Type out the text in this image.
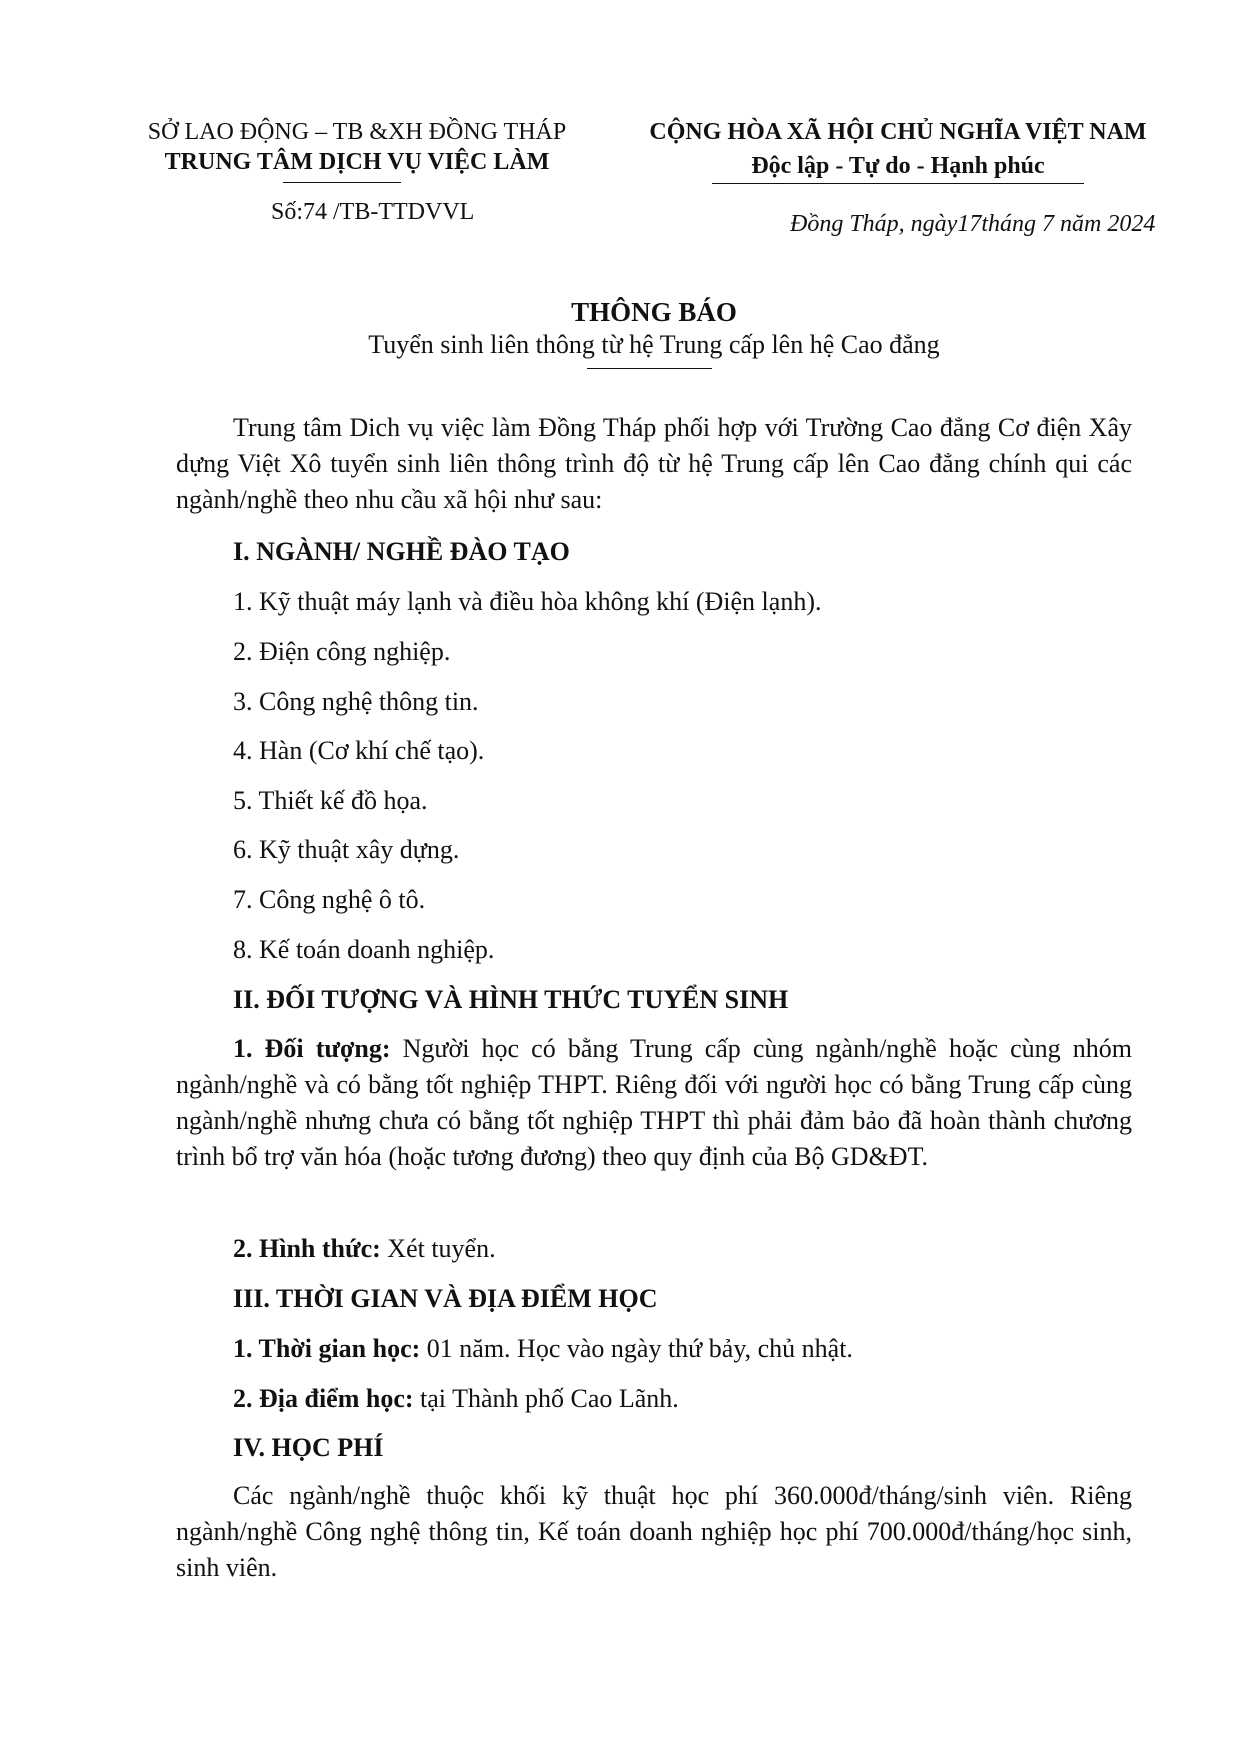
SỞ LAO ĐỘNG – TB &XH ĐỒNG THÁP
TRUNG TÂM DỊCH VỤ VIỆC LÀM
Số:74 /TB-TTDVVL
CỘNG HÒA XÃ HỘI CHỦ NGHĨA VIỆT NAM
Độc lập - Tự do - Hạnh phúc
Đồng Tháp, ngày17tháng 7 năm 2024
THÔNG BÁO
Tuyển sinh liên thông từ hệ Trung cấp lên hệ Cao đẳng
Trung tâm Dich vụ việc làm Đồng Tháp phối hợp với Trường Cao đẳng Cơ điện Xây dựng Việt Xô tuyển sinh liên thông trình độ từ hệ Trung cấp lên Cao đẳng chính qui các ngành/nghề theo nhu cầu xã hội như sau:
I. NGÀNH/ NGHỀ ĐÀO TẠO
1. Kỹ thuật máy lạnh và điều hòa không khí (Điện lạnh).
2. Điện công nghiệp.
3. Công nghệ thông tin.
4. Hàn (Cơ khí chế tạo).
5. Thiết kế đồ họa.
6. Kỹ thuật xây dựng.
7. Công nghệ ô tô.
8. Kế toán doanh nghiệp.
II. ĐỐI TƯỢNG VÀ HÌNH THỨC TUYỂN SINH
1. Đối tượng: Người học có bằng Trung cấp cùng ngành/nghề hoặc cùng nhóm ngành/nghề và có bằng tốt nghiệp THPT. Riêng đối với người học có bằng Trung cấp cùng ngành/nghề nhưng chưa có bằng tốt nghiệp THPT thì phải đảm bảo đã hoàn thành chương trình bổ trợ văn hóa (hoặc tương đương) theo quy định của Bộ GD&ĐT.
2. Hình thức: Xét tuyển.
III. THỜI GIAN VÀ ĐỊA ĐIỂM HỌC
1. Thời gian học: 01 năm. Học vào ngày thứ bảy, chủ nhật.
2. Địa điểm học: tại Thành phố Cao Lãnh.
IV. HỌC PHÍ
Các ngành/nghề thuộc khối kỹ thuật học phí 360.000đ/tháng/sinh viên. Riêng ngành/nghề Công nghệ thông tin, Kế toán doanh nghiệp học phí 700.000đ/tháng/học sinh, sinh viên.
